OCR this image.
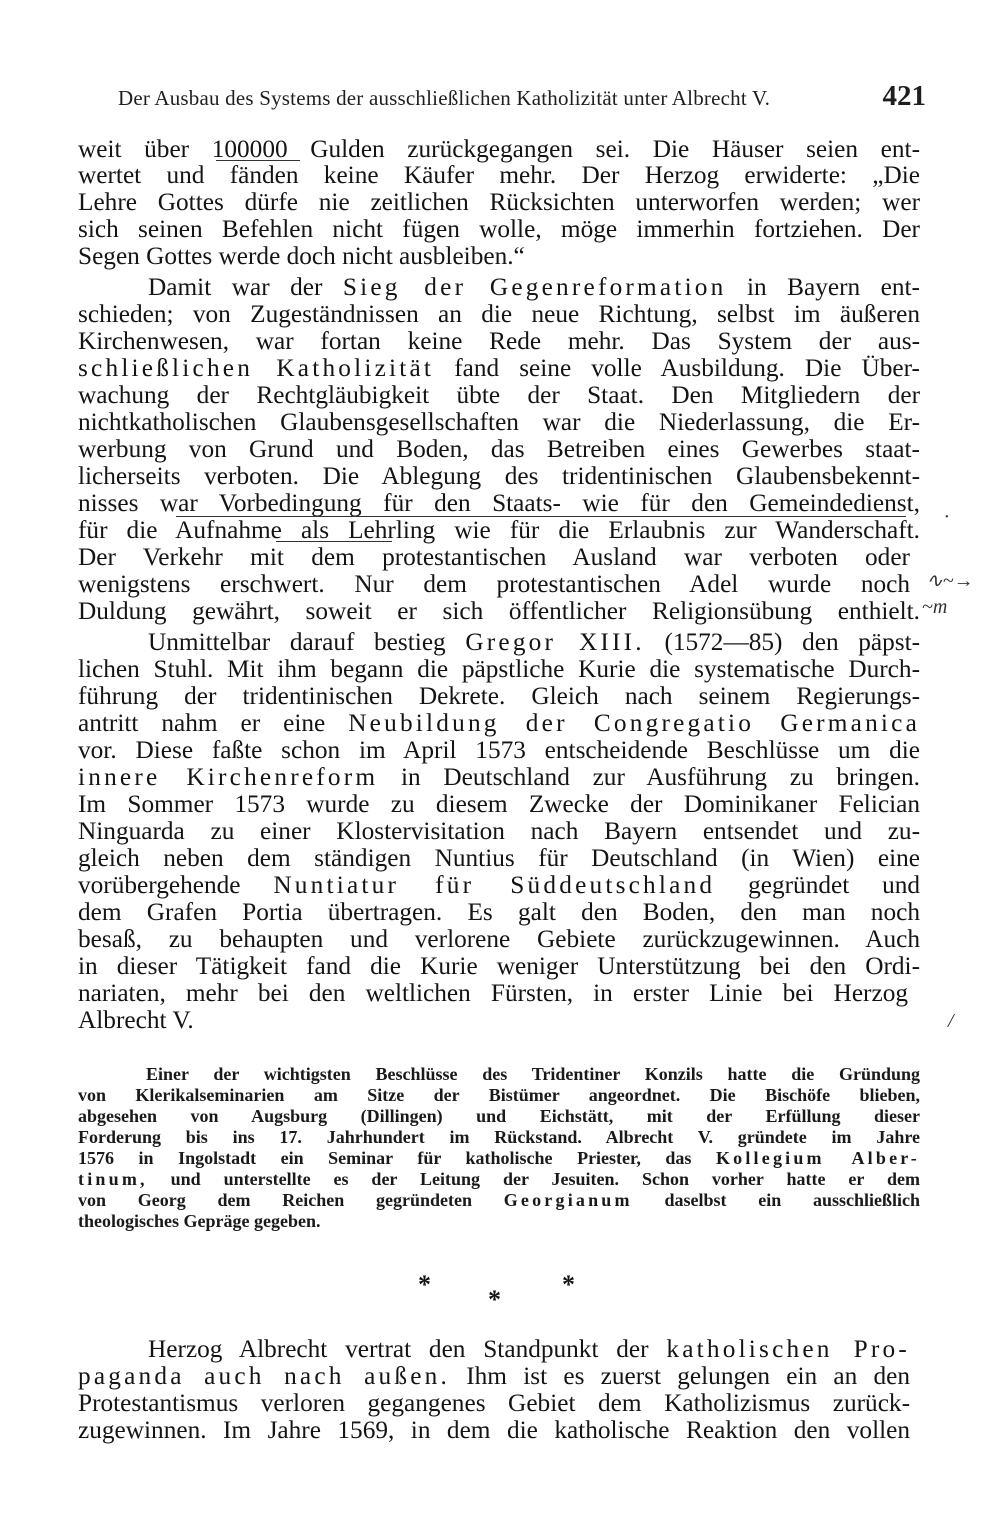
Der Ausbau des Systems der ausschließlichen Katholizität unter Albrecht V.	421
weit über 100000 Gulden zurückgegangen sei. Die Häuser seien ent-
wertet und fänden keine Käufer mehr. Der Herzog erwiderte: „Die
Lehre Gottes dürfe nie zeitlichen Rücksichten unterworfen werden; wer
sich seinen Befehlen nicht fügen wolle, möge immerhin fortziehen. Der
Segen Gottes werde doch nicht ausbleiben.“
Damit war der Sieg der Gegenreformation in Bayern ent-
schieden; von Zugeständnissen an die neue Richtung, selbst im äußeren
Kirchenwesen, war fortan keine Rede mehr. Das System der aus-
schließlichen Katholizität fand seine volle Ausbildung. Die Über-
wachung der Rechtgläubigkeit übte der Staat. Den Mitgliedern der
nichtkatholischen Glaubensgesellschaften war die Niederlassung, die Er-
werbung von Grund und Boden, das Betreiben eines Gewerbes staat-
licherseits verboten. Die Ablegung des tridentinischen Glaubensbekennt-
nisses war Vorbedingung für den Staats- wie für den Gemeindedienst,
für die Aufnahme als Lehrling wie für die Erlaubnis zur Wanderschaft.
Der Verkehr mit dem protestantischen Ausland war verboten oder
wenigstens erschwert. Nur dem protestantischen Adel wurde noch
Duldung gewährt, soweit er sich öffentlicher Religionsübung enthielt.
Unmittelbar darauf bestieg Gregor XIII. (1572—85) den päpst-
lichen Stuhl. Mit ihm begann die päpstliche Kurie die systematische Durch-
führung der tridentinischen Dekrete. Gleich nach seinem Regierungs-
antritt nahm er eine Neubildung der Congregatio Germanica
vor. Diese faßte schon im April 1573 entscheidende Beschlüsse um die
innere Kirchenreform in Deutschland zur Ausführung zu bringen.
Im Sommer 1573 wurde zu diesem Zwecke der Dominikaner Felician
Ninguarda zu einer Klostervisitation nach Bayern entsendet und zu-
gleich neben dem ständigen Nuntius für Deutschland (in Wien) eine
vorübergehende Nuntiatur für Süddeutschland gegründet und
dem Grafen Portia übertragen. Es galt den Boden, den man noch
besaß, zu behaupten und verlorene Gebiete zurückzugewinnen. Auch
in dieser Tätigkeit fand die Kurie weniger Unterstützung bei den Ordi-
nariaten, mehr bei den weltlichen Fürsten, in erster Linie bei Herzog
Albrecht V.
∿~→
~m
·
/
Einer der wichtigsten Beschlüsse des Tridentiner Konzils hatte die Gründung
von Klerikalseminarien am Sitze der Bistümer angeordnet. Die Bischöfe blieben,
abgesehen von Augsburg (Dillingen) und Eichstätt, mit der Erfüllung dieser
Forderung bis ins 17. Jahrhundert im Rückstand. Albrecht V. gründete im Jahre
1576 in Ingolstadt ein Seminar für katholische Priester, das Kollegium Alber-
tinum, und unterstellte es der Leitung der Jesuiten. Schon vorher hatte er dem
von Georg dem Reichen gegründeten Georgianum daselbst ein ausschließlich
theologisches Gepräge gegeben.
*	*
*
Herzog Albrecht vertrat den Standpunkt der katholischen Pro-
paganda auch nach außen. Ihm ist es zuerst gelungen ein an den
Protestantismus verloren gegangenes Gebiet dem Katholizismus zurück-
zugewinnen. Im Jahre 1569, in dem die katholische Reaktion den vollen
